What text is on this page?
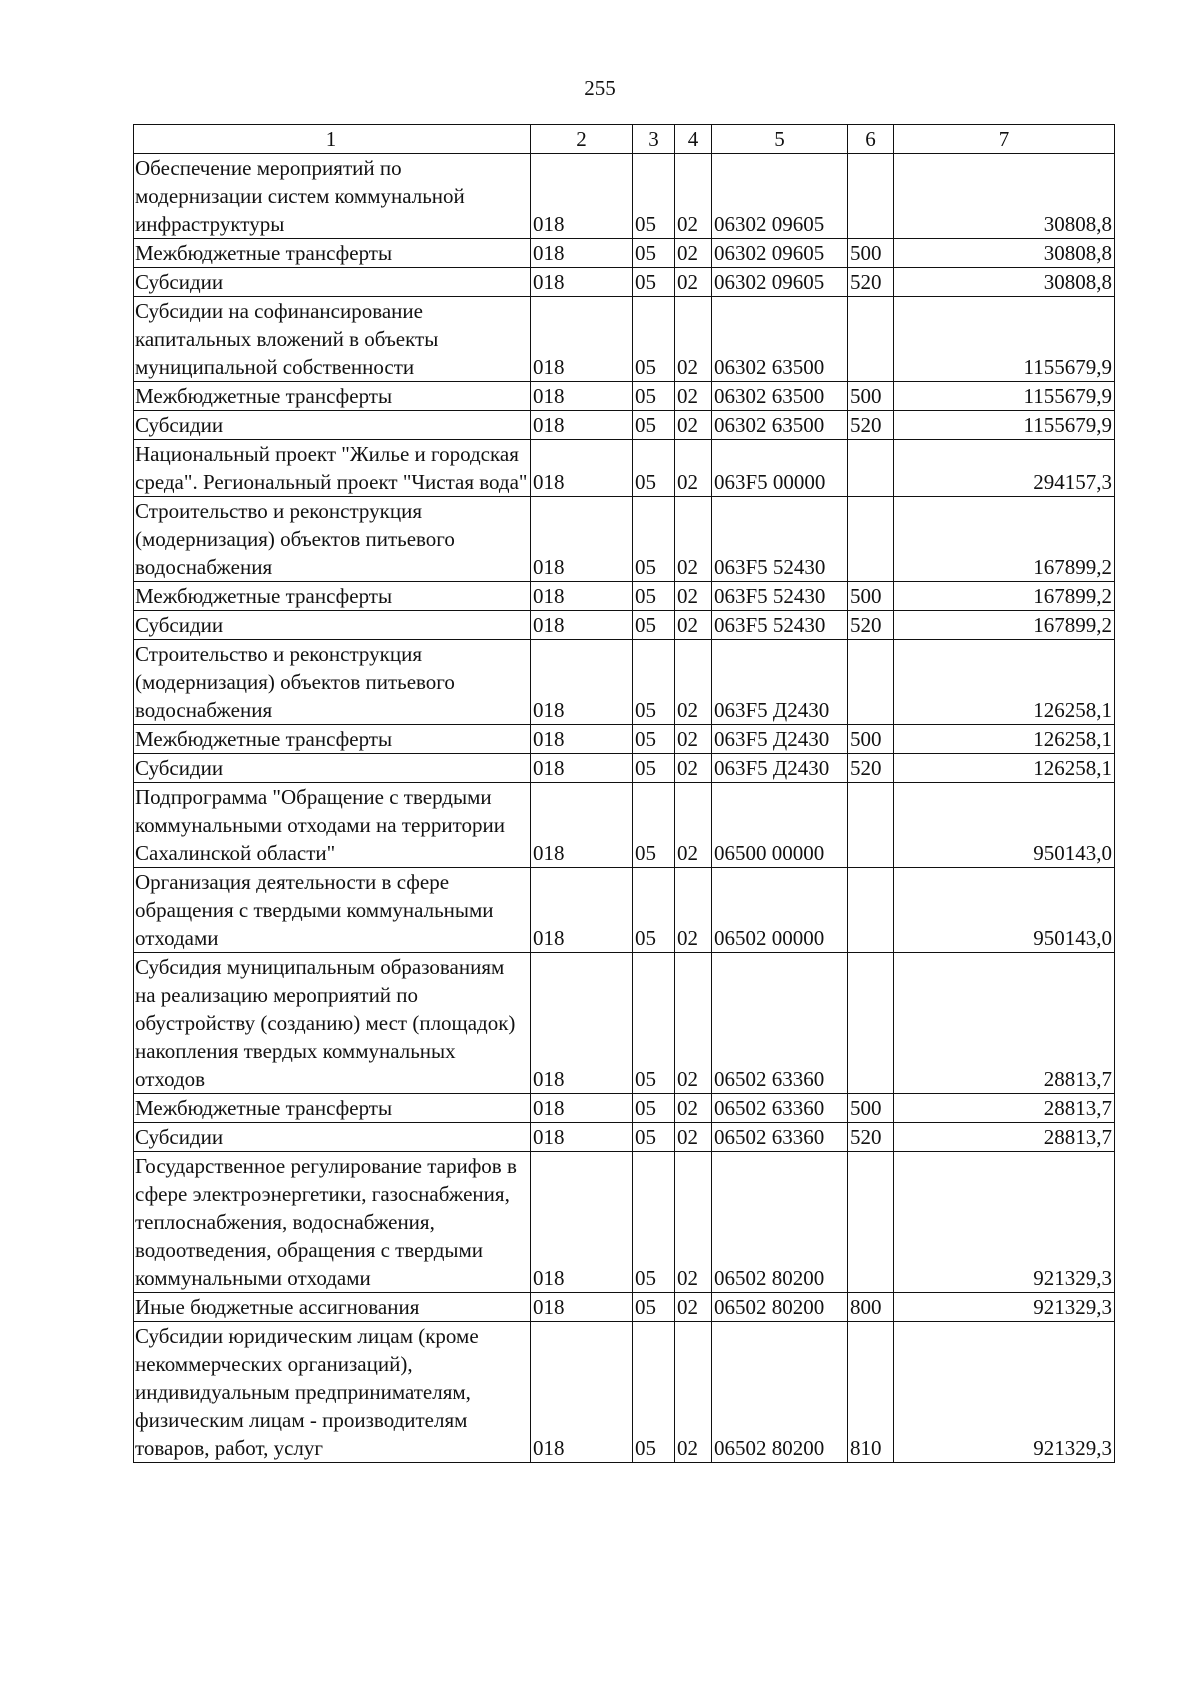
255
1	2	3	4	5	6	7
Обеспечение мероприятий по модернизации систем коммунальной инфраструктуры	018	05	02	06302 09605		30808,8
Межбюджетные трансферты	018	05	02	06302 09605	500	30808,8
Субсидии	018	05	02	06302 09605	520	30808,8
Субсидии на софинансирование капитальных вложений в объекты муниципальной собственности	018	05	02	06302 63500		1155679,9
Межбюджетные трансферты	018	05	02	06302 63500	500	1155679,9
Субсидии	018	05	02	06302 63500	520	1155679,9
Национальный проект "Жилье и городская среда". Региональный проект "Чистая вода"	018	05	02	063F5 00000		294157,3
Строительство и реконструкция (модернизация) объектов питьевого водоснабжения	018	05	02	063F5 52430		167899,2
Межбюджетные трансферты	018	05	02	063F5 52430	500	167899,2
Субсидии	018	05	02	063F5 52430	520	167899,2
Строительство и реконструкция (модернизация) объектов питьевого водоснабжения	018	05	02	063F5 Д2430		126258,1
Межбюджетные трансферты	018	05	02	063F5 Д2430	500	126258,1
Субсидии	018	05	02	063F5 Д2430	520	126258,1
Подпрограмма "Обращение с твердыми коммунальными отходами на территории Сахалинской области"	018	05	02	06500 00000		950143,0
Организация деятельности в сфере обращения с твердыми коммунальными отходами	018	05	02	06502 00000		950143,0
Субсидия муниципальным образованиям на реализацию мероприятий по обустройству (созданию) мест (площадок) накопления твердых коммунальных отходов	018	05	02	06502 63360		28813,7
Межбюджетные трансферты	018	05	02	06502 63360	500	28813,7
Субсидии	018	05	02	06502 63360	520	28813,7
Государственное регулирование тарифов в сфере электроэнергетики, газоснабжения, теплоснабжения, водоснабжения, водоотведения, обращения с твердыми коммунальными отходами	018	05	02	06502 80200		921329,3
Иные бюджетные ассигнования	018	05	02	06502 80200	800	921329,3
Субсидии юридическим лицам (кроме некоммерческих организаций), индивидуальным предпринимателям, физическим лицам - производителям товаров, работ, услуг	018	05	02	06502 80200	810	921329,3
